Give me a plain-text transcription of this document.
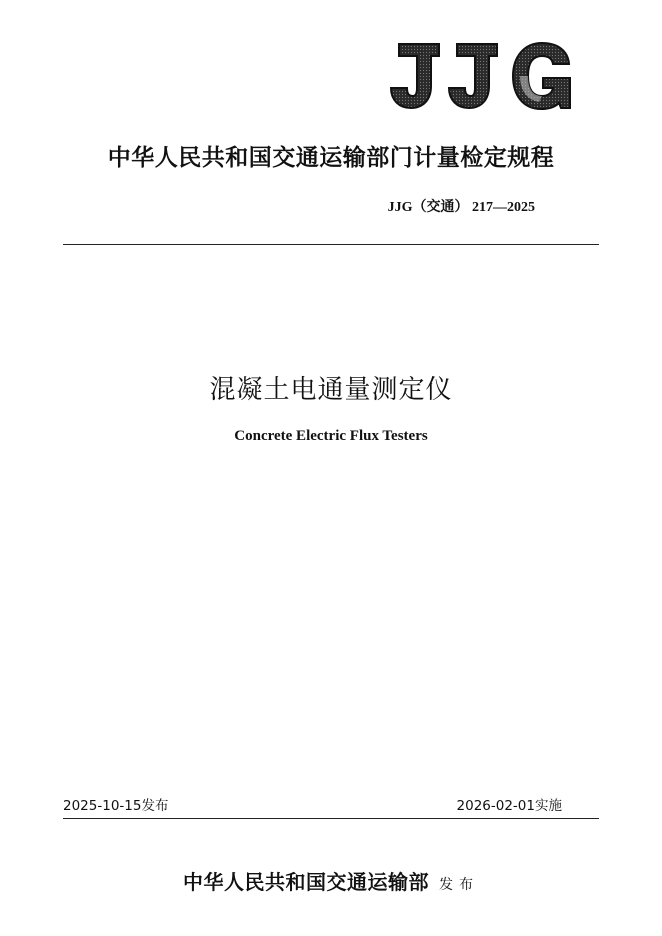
中华人民共和国交通运输部门计量检定规程
JJG（交通） 217—2025
混凝土电通量测定仪
Concrete Electric Flux Testers
2025-10-15发布	2026-02-01实施
中华人民共和国交通运输部 发布
